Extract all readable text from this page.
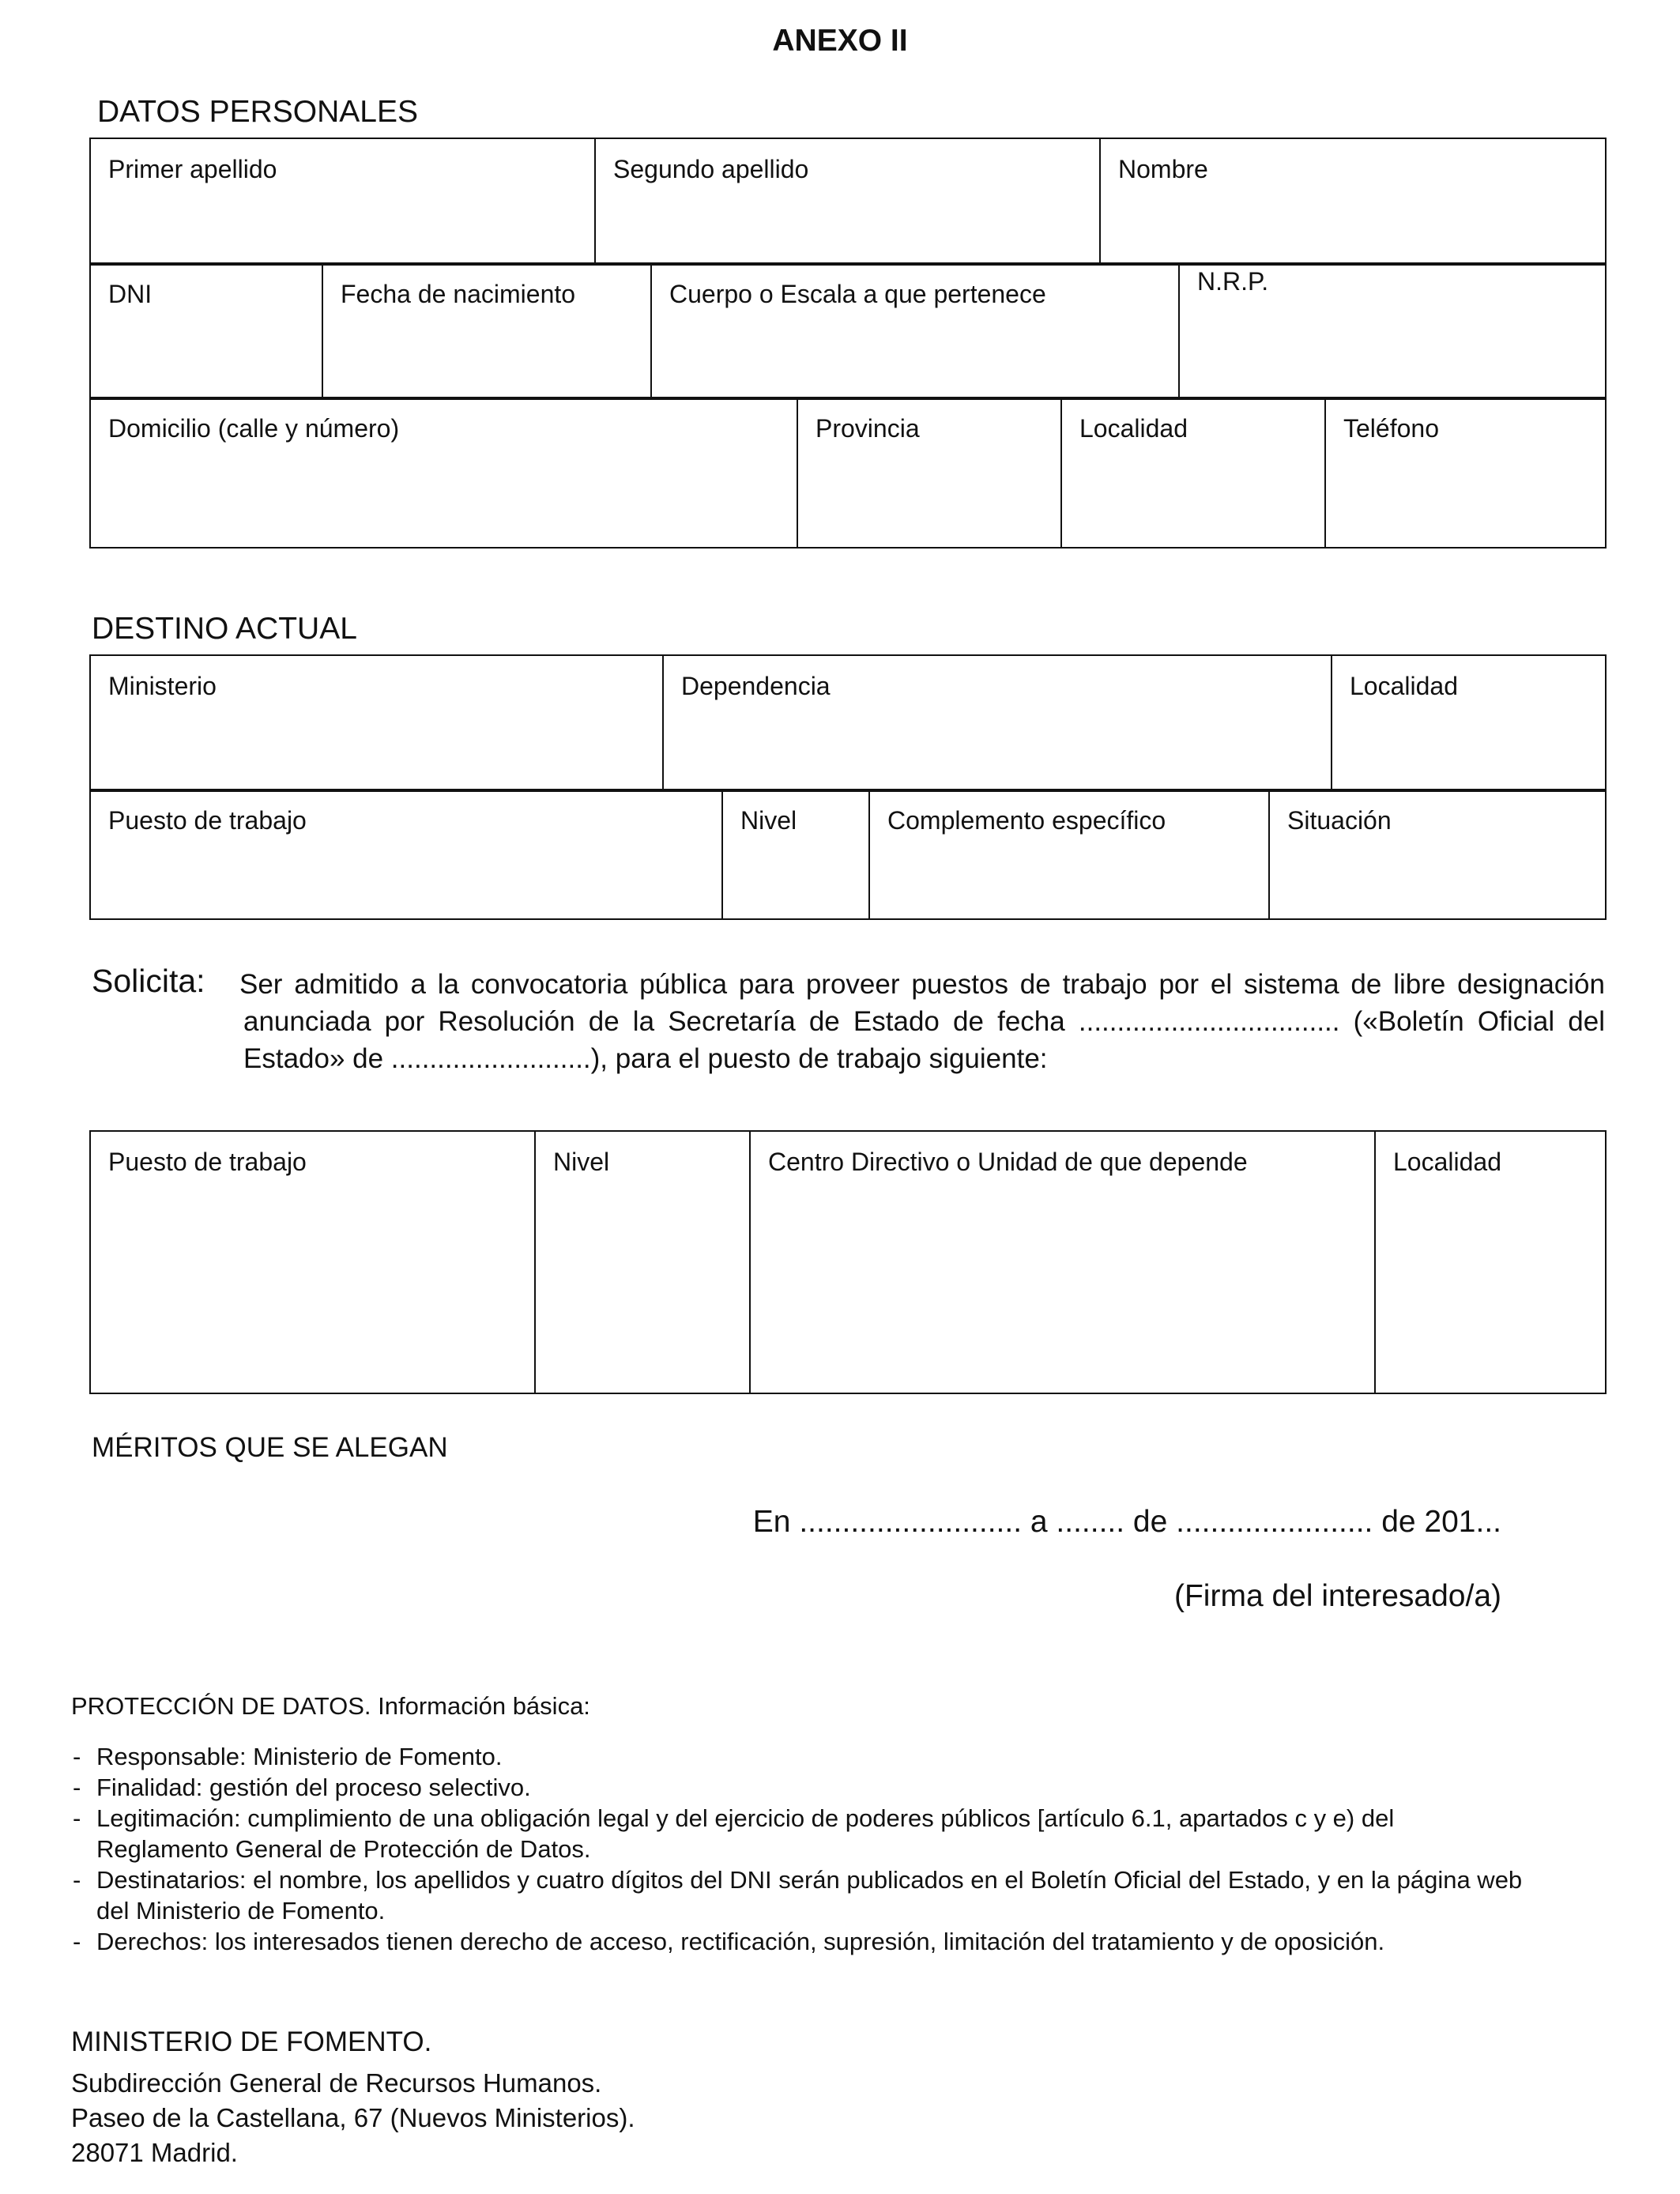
ANEXO II
DATOS PERSONALES
Primer apellido	Segundo apellido	Nombre
DNI	Fecha de nacimiento	Cuerpo o Escala a que pertenece	N.R.P.
Domicilio (calle y número)	Provincia	Localidad	Teléfono
DESTINO ACTUAL
Ministerio	Dependencia	Localidad
Puesto de trabajo	Nivel	Complemento específico	Situación
Solicita: Ser admitido a la convocatoria pública para proveer puestos de trabajo por el sistema de libre designación
anunciada por Resolución de la Secretaría de Estado de fecha .................................. («Boletín Oficial del
Estado» de ..........................), para el puesto de trabajo siguiente:
Puesto de trabajo	Nivel	Centro Directivo o Unidad de que depende	Localidad
MÉRITOS QUE SE ALEGAN
En .......................... a ........ de ....................... de 201...
(Firma del interesado/a)
PROTECCIÓN DE DATOS. Información básica:
- Responsable: Ministerio de Fomento.
- Finalidad: gestión del proceso selectivo.
- Legitimación: cumplimiento de una obligación legal y del ejercicio de poderes públicos [artículo 6.1, apartados c y e) del Reglamento General de Protección de Datos.
- Destinatarios: el nombre, los apellidos y cuatro dígitos del DNI serán publicados en el Boletín Oficial del Estado, y en la página web del Ministerio de Fomento.
- Derechos: los interesados tienen derecho de acceso, rectificación, supresión, limitación del tratamiento y de oposición.
MINISTERIO DE FOMENTO.
Subdirección General de Recursos Humanos.
Paseo de la Castellana, 67 (Nuevos Ministerios).
28071 Madrid.
